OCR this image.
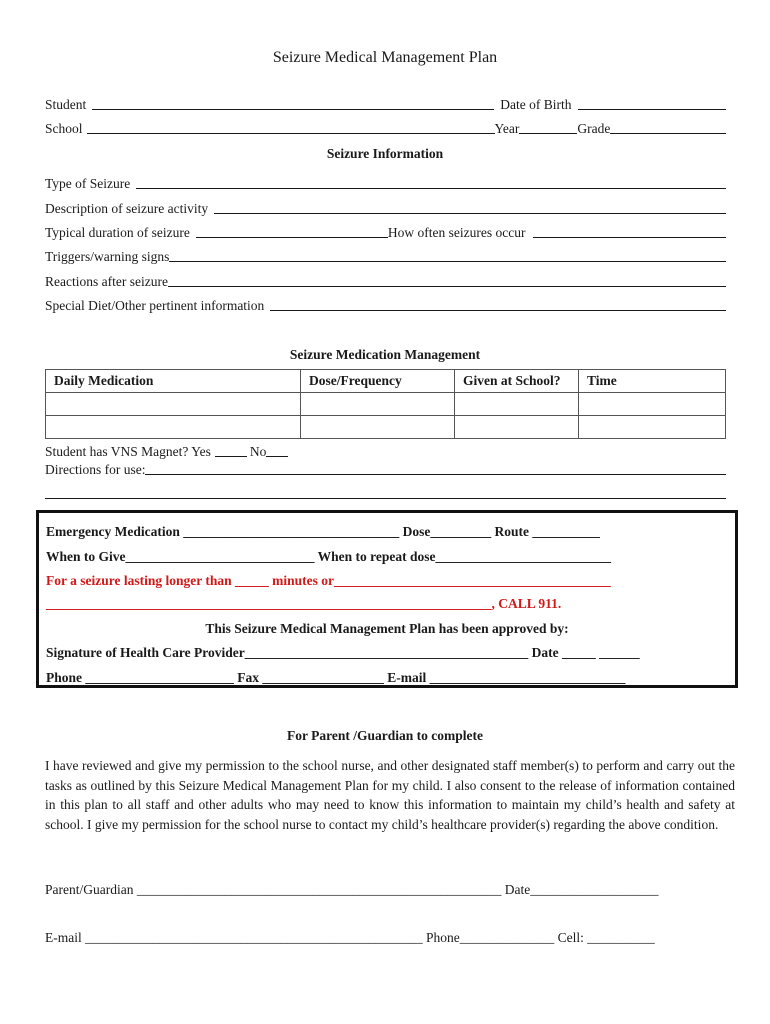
Seizure Medical Management Plan
Student	Date of Birth
School	Year	Grade
Seizure Information
Type of Seizure
Description of seizure activity
Typical duration of seizure	How often seizures occur
Triggers/warning signs
Reactions after seizure
Special Diet/Other pertinent information
Seizure Medication Management
Daily Medication	Dose/Frequency	Given at School?	Time

Student has VNS Magnet? Yes	No
Directions for use:
Emergency Medication ________________________________ Dose_________ Route __________
When to Give____________________________ When to repeat dose__________________________
For a seizure lasting longer than _____ minutes or_________________________________________
__________________________________________________________________, CALL 911.
This Seizure Medical Management Plan has been approved by:
Signature of Health Care Provider__________________________________________ Date _____ ______
Phone ______________________ Fax __________________ E-mail _____________________________
For Parent /Guardian to complete
I have reviewed and give my permission to the school nurse, and other designated staff member(s) to perform and carry out the tasks as outlined by this Seizure Medical Management Plan for my child. I also consent to the release of information contained in this plan to all staff and other adults who may need to know this information to maintain my child’s health and safety at school. I give my permission for the school nurse to contact my child’s healthcare provider(s) regarding the above condition.
Parent/Guardian ______________________________________________________ Date___________________
E-mail __________________________________________________ Phone______________ Cell: __________
